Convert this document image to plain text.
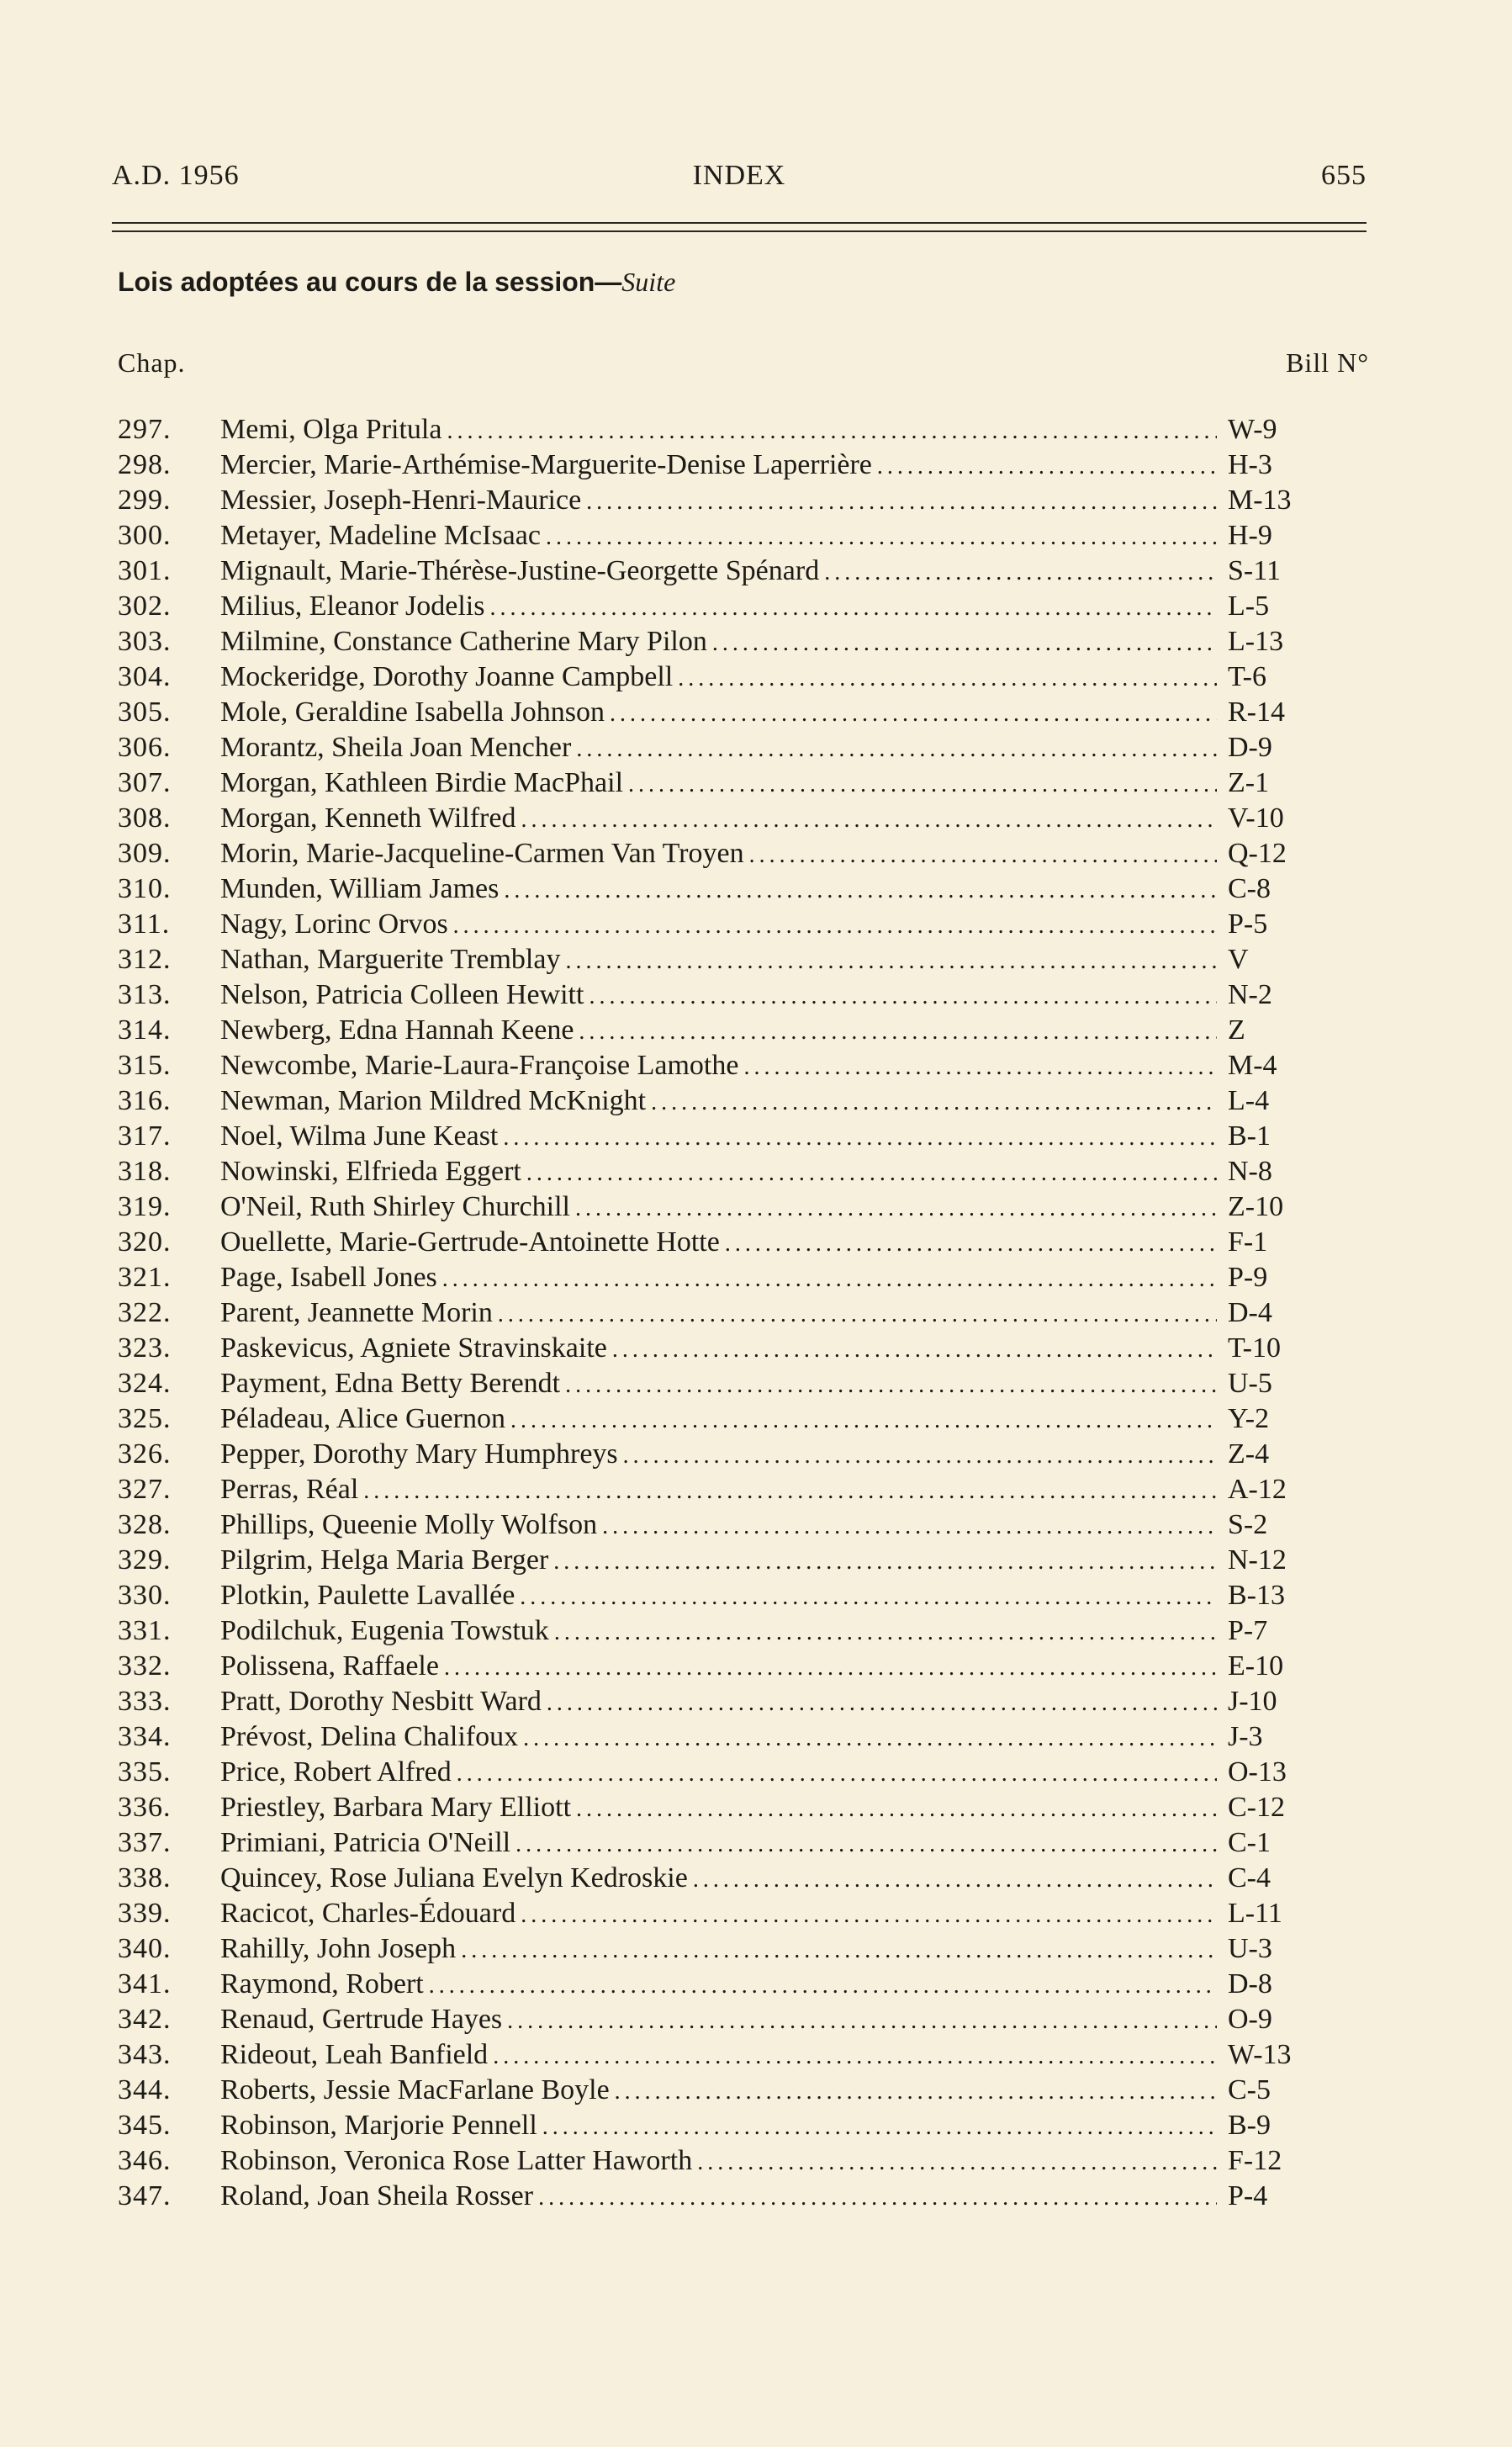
A.D. 1956	INDEX	655
Lois adoptées au cours de la session—Suite
Chap.	Bill N°
297.	Memi, Olga Pritula . . .	W-9
298.	Mercier, Marie-Arthémise-Marguerite-Denise Laperrière . . .	H-3
299.	Messier, Joseph-Henri-Maurice . . .	M-13
300.	Metayer, Madeline McIsaac . . .	H-9
301.	Mignault, Marie-Thérèse-Justine-Georgette Spénard . . .	S-11
302.	Milius, Eleanor Jodelis . . .	L-5
303.	Milmine, Constance Catherine Mary Pilon . . .	L-13
304.	Mockeridge, Dorothy Joanne Campbell . . .	T-6
305.	Mole, Geraldine Isabella Johnson . . .	R-14
306.	Morantz, Sheila Joan Mencher . . .	D-9
307.	Morgan, Kathleen Birdie MacPhail . . .	Z-1
308.	Morgan, Kenneth Wilfred . . .	V-10
309.	Morin, Marie-Jacqueline-Carmen Van Troyen . . .	Q-12
310.	Munden, William James . . .	C-8
311.	Nagy, Lorinc Orvos . . .	P-5
312.	Nathan, Marguerite Tremblay . . .	V
313.	Nelson, Patricia Colleen Hewitt . . .	N-2
314.	Newberg, Edna Hannah Keene . . .	Z
315.	Newcombe, Marie-Laura-Françoise Lamothe . . .	M-4
316.	Newman, Marion Mildred McKnight . . .	L-4
317.	Noel, Wilma June Keast . . .	B-1
318.	Nowinski, Elfrieda Eggert . . .	N-8
319.	O'Neil, Ruth Shirley Churchill . . .	Z-10
320.	Ouellette, Marie-Gertrude-Antoinette Hotte . . .	F-1
321.	Page, Isabell Jones . . .	P-9
322.	Parent, Jeannette Morin . . .	D-4
323.	Paskevicus, Agniete Stravinskaite . . .	T-10
324.	Payment, Edna Betty Berendt . . .	U-5
325.	Péladeau, Alice Guernon . . .	Y-2
326.	Pepper, Dorothy Mary Humphreys . . .	Z-4
327.	Perras, Réal . . .	A-12
328.	Phillips, Queenie Molly Wolfson . . .	S-2
329.	Pilgrim, Helga Maria Berger . . .	N-12
330.	Plotkin, Paulette Lavallée . . .	B-13
331.	Podilchuk, Eugenia Towstuk . . .	P-7
332.	Polissena, Raffaele . . .	E-10
333.	Pratt, Dorothy Nesbitt Ward . . .	J-10
334.	Prévost, Delina Chalifoux . . .	J-3
335.	Price, Robert Alfred . . .	O-13
336.	Priestley, Barbara Mary Elliott . . .	C-12
337.	Primiani, Patricia O'Neill . . .	C-1
338.	Quincey, Rose Juliana Evelyn Kedroskie . . .	C-4
339.	Racicot, Charles-Édouard . . .	L-11
340.	Rahilly, John Joseph . . .	U-3
341.	Raymond, Robert . . .	D-8
342.	Renaud, Gertrude Hayes . . .	O-9
343.	Rideout, Leah Banfield . . .	W-13
344.	Roberts, Jessie MacFarlane Boyle . . .	C-5
345.	Robinson, Marjorie Pennell . . .	B-9
346.	Robinson, Veronica Rose Latter Haworth . . .	F-12
347.	Roland, Joan Sheila Rosser . . .	P-4
